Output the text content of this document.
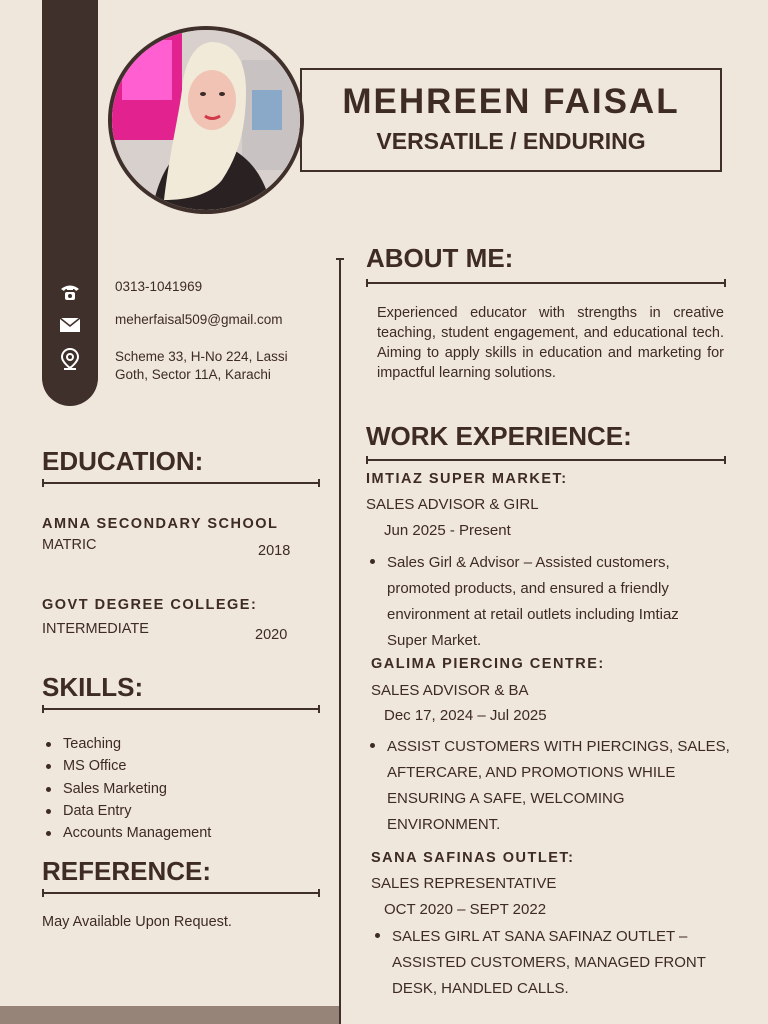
MEHREEN FAISAL
VERSATILE / ENDURING
0313-1041969
meherfaisal509@gmail.com
Scheme 33, H-No 224, Lassi
Goth, Sector 11A, Karachi
EDUCATION:
AMNA SECONDARY SCHOOL
MATRIC	2018
GOVT DEGREE COLLEGE:
INTERMEDIATE	2020
SKILLS:
Teaching
MS Office
Sales Marketing
Data Entry
Accounts Management
REFERENCE:
May Available Upon Request.
ABOUT ME:
Experienced educator with strengths in creative teaching, student engagement, and educational tech. Aiming to apply skills in education and marketing for impactful learning solutions.
WORK EXPERIENCE:
IMTIAZ SUPER MARKET:
SALES ADVISOR & GIRL
Jun 2025 - Present
Sales Girl & Advisor – Assisted customers,
promoted products, and ensured a friendly
environment at retail outlets including Imtiaz
Super Market.
GALIMA PIERCING CENTRE:
SALES ADVISOR & BA
Dec 17, 2024 – Jul 2025
ASSIST CUSTOMERS WITH PIERCINGS, SALES,
AFTERCARE, AND PROMOTIONS WHILE
ENSURING A SAFE, WELCOMING
ENVIRONMENT.
SANA SAFINAS OUTLET:
SALES REPRESENTATIVE
OCT 2020 – SEPT 2022
SALES GIRL AT SANA SAFINAZ OUTLET –
ASSISTED CUSTOMERS, MANAGED FRONT
DESK, HANDLED CALLS.
